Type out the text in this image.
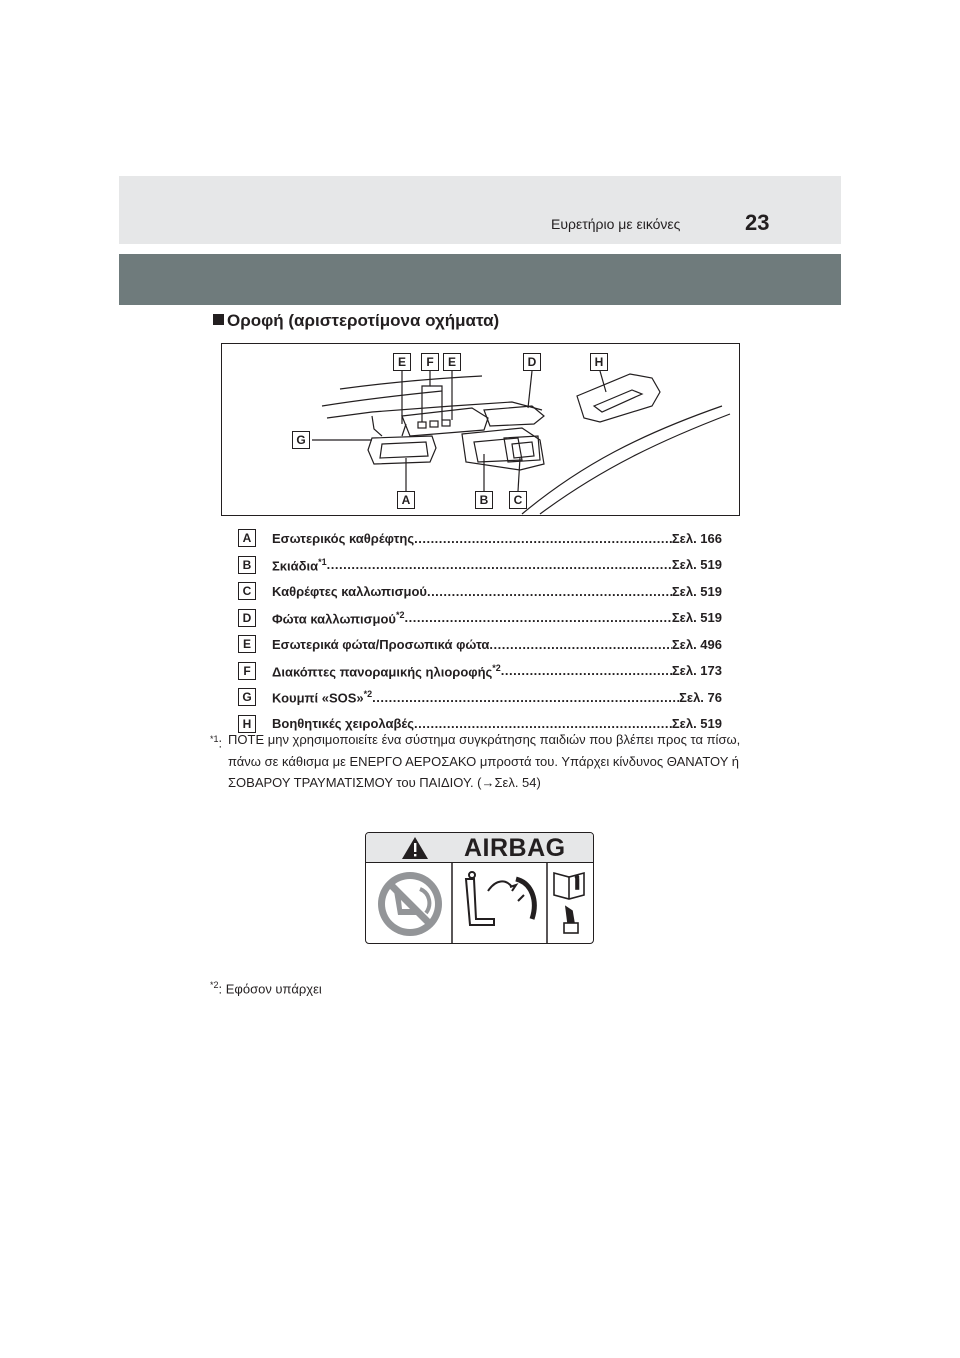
Ευρετήριο με εικόνες	23
Οροφή (αριστεροτίμονα οχήματα)
E	F	E	D	H
G
A	B	C
A	Εσωτερικός καθρέφτης .....	Σελ. 166
B	Σκιάδια$^{*1}$ .....	Σελ. 519
C	Καθρέφτες καλλωπισμού .....	Σελ. 519
D	Φώτα καλλωπισμού$^{*2}$ .....	Σελ. 519
E	Εσωτερικά φώτα/Προσωπικά φώτα .....	Σελ. 496
F	Διακόπτες πανοραμικής ηλιοροφής$^{*2}$ .....	Σελ. 173
G	Κουμπί «SOS»$^{*2}$ .....	Σελ. 76
H	Βοηθητικές χειρολαβές .....	Σελ. 519
$^{*1}$: ΠΟΤΕ μην χρησιμοποιείτε ένα σύστημα συγκράτησης παιδιών που βλέπει προς τα πίσω, πάνω σε κάθισμα με ΕΝΕΡΓΟ ΑΕΡΟΣΑΚΟ μπροστά του. Υπάρχει κίνδυνος ΘΑΝΑΤΟΥ ή ΣΟΒΑΡΟΥ ΤΡΑΥΜΑΤΙΣΜΟΥ του ΠΑΙΔΙΟΥ. (→Σελ. 54)
AIRBAG
$^{*2}$: Εφόσον υπάρχει
